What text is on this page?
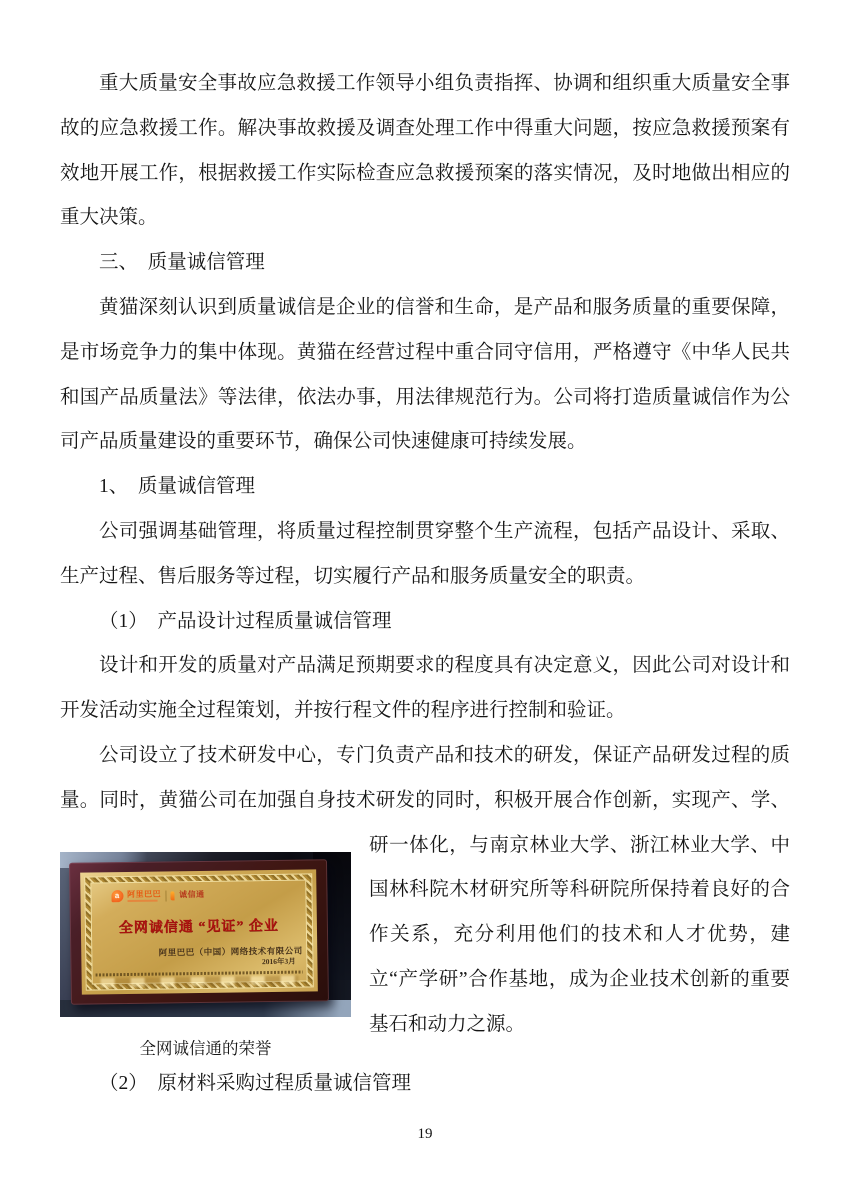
重大质量安全事故应急救援工作领导小组负责指挥、协调和组织重大质量安全事故的应急救援工作。解决事故救援及调查处理工作中得重大问题，按应急救援预案有效地开展工作，根据救援工作实际检查应急救援预案的落实情况，及时地做出相应的重大决策。

三、　质量诚信管理

黄猫深刻认识到质量诚信是企业的信誉和生命，是产品和服务质量的重要保障，是市场竞争力的集中体现。黄猫在经营过程中重合同守信用，严格遵守《中华人民共和国产品质量法》等法律，依法办事，用法律规范行为。公司将打造质量诚信作为公司产品质量建设的重要环节，确保公司快速健康可持续发展。

1、　质量诚信管理

公司强调基础管理，将质量过程控制贯穿整个生产流程，包括产品设计、采取、生产过程、售后服务等过程，切实履行产品和服务质量安全的职责。

（1）　产品设计过程质量诚信管理

设计和开发的质量对产品满足预期要求的程度具有决定意义，因此公司对设计和开发活动实施全过程策划，并按行程文件的程序进行控制和验证。

公司设立了技术研发中心，专门负责产品和技术的研发，保证产品研发过程的质量。同时，黄猫公司在加强自身技术研发的同时，积极开展合作创新，实现产、学、

a 阿里巴巴 诚信通
全网诚信通 “见证” 企业
阿里巴巴（中国）网络技术有限公司
2016年3月
全网诚信通的荣誉

研一体化，与南京林业大学、浙江林业大学、中国林科院木材研究所等科研院所保持着良好的合作关系，充分利用他们的技术和人才优势，建立“产学研”合作基地，成为企业技术创新的重要基石和动力之源。

（2）　原材料采购过程质量诚信管理

19
